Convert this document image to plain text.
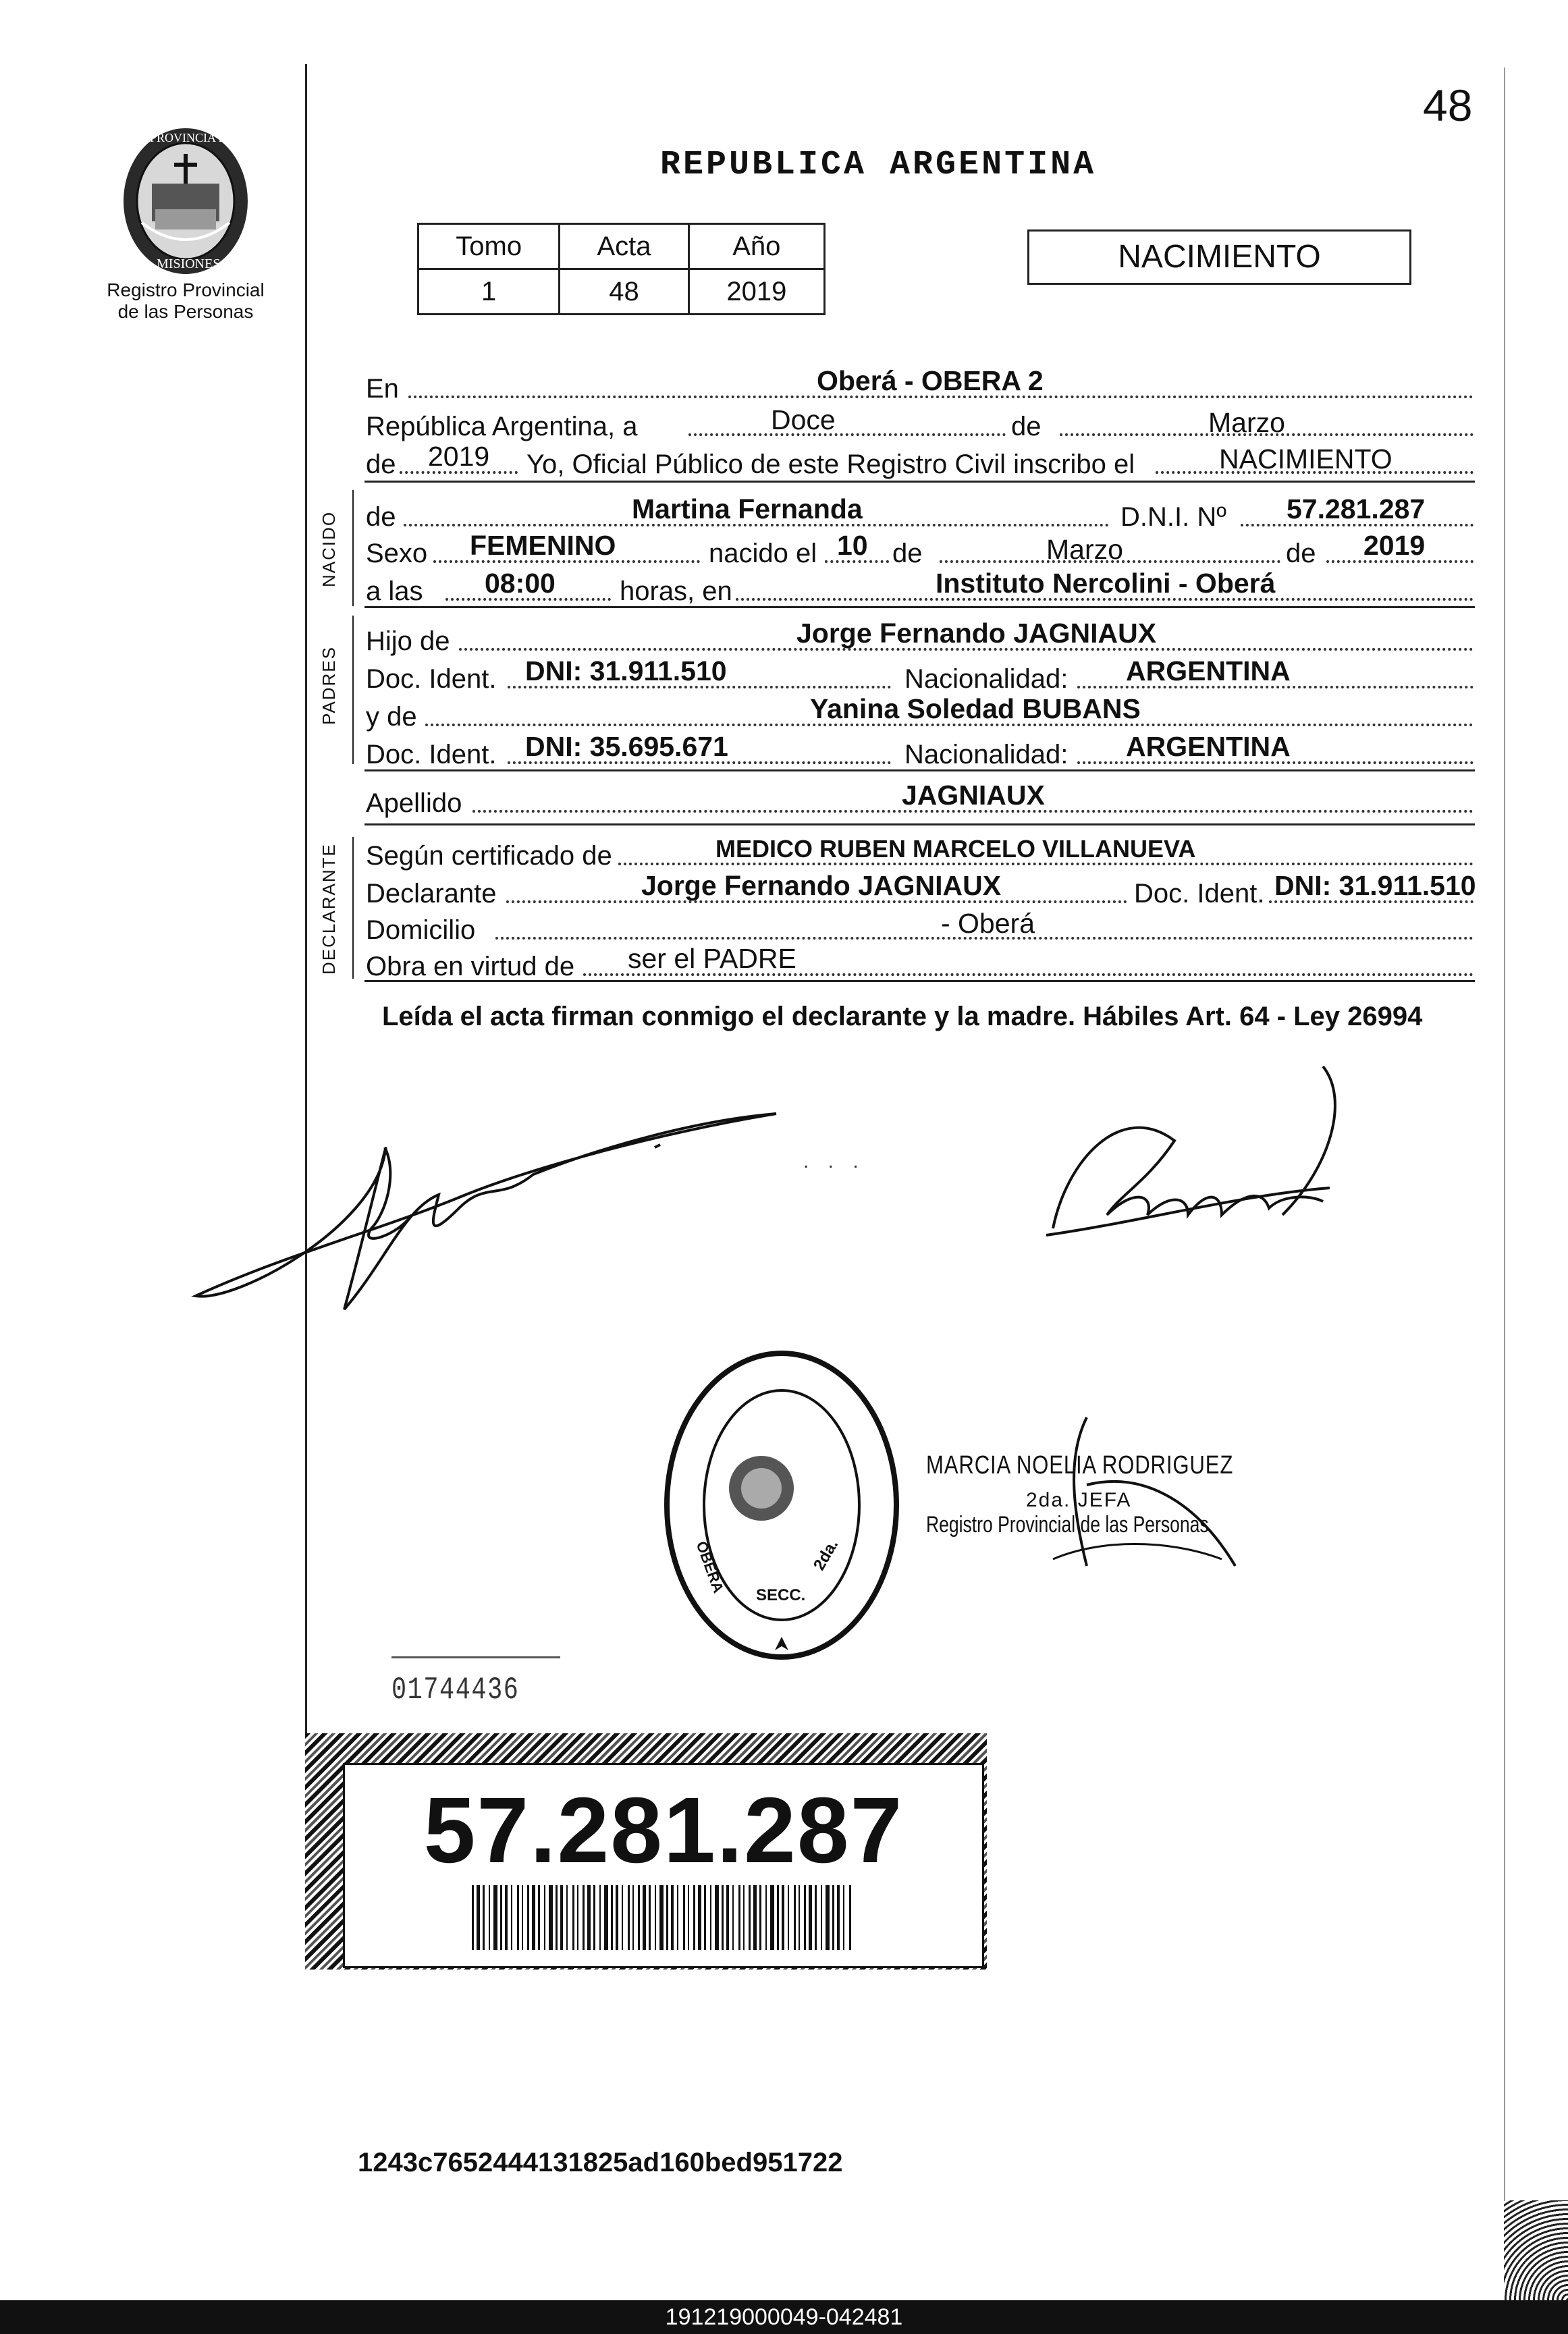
48
PROVINCIA DE
MISIONES
Registro Provincial
de las Personas
REPUBLICA ARGENTINA
Tomo	Acta	Año
1	48	2019
NACIMIENTO
En	Oberá - OBERA 2
República Argentina, a	Doce	de	Marzo
de 2019 Yo, Oficial Público de este Registro Civil inscribo el	NACIMIENTO
NACIDO de	Martina Fernanda	D.N.I. Nº 57.281.287
Sexo FEMENINO	nacido el 10 de	Marzo	de 2019
a las 08:00 horas, en	Instituto Nercolini - Oberá
PADRES
Hijo de	Jorge Fernando JAGNIAUX
Doc. Ident. DNI: 31.911.510	Nacionalidad: ARGENTINA
y de	Yanina Soledad BUBANS
Doc. Ident. DNI: 35.695.671	Nacionalidad: ARGENTINA
Apellido	JAGNIAUX
DECLARANTE Según certificado de	MEDICO RUBEN MARCELO VILLANUEVA
Declarante	Jorge Fernando JAGNIAUX	Doc. Ident. DNI: 31.911.510
Domicilio	- Oberá
Obra en virtud de ser el PADRE
Leída el acta firman conmigo el declarante y la madre. Hábiles Art. 64 - Ley 26994
. . .
OBERA	2da.
SECC.
MARCIA NOELIA RODRIGUEZ
2da. JEFA
Registro Provincial de las Personas
01744436
57.281.287
1243c7652444131825ad160bed951722
191219000049-042481
